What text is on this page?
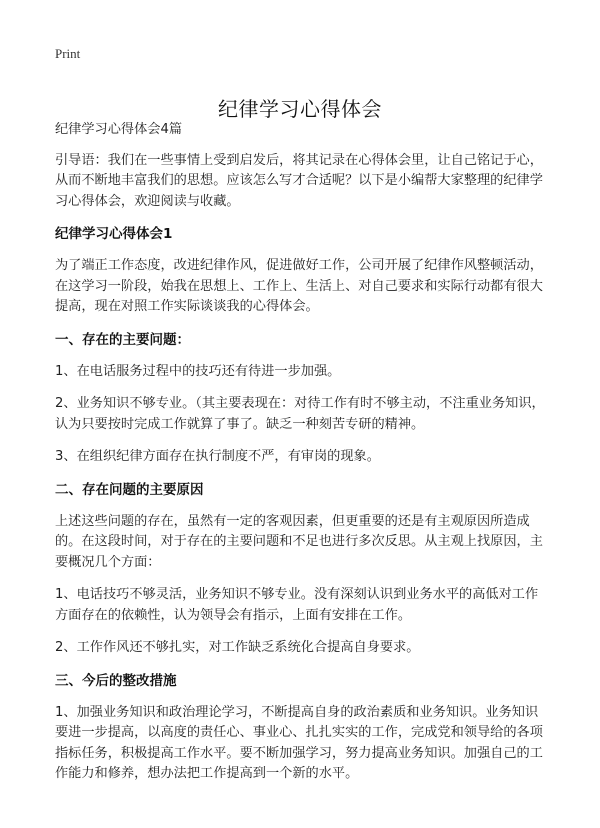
Print
纪律学习心得体会

纪律学习心得体会4篇

引导语：我们在一些事情上受到启发后，将其记录在心得体会里，让自己铭记于心，从而不断地丰富我们的思想。应该怎么写才合适呢？以下是小编帮大家整理的纪律学习心得体会，欢迎阅读与收藏。

纪律学习心得体会1

为了端正工作态度，改进纪律作风，促进做好工作，公司开展了纪律作风整顿活动，在这学习一阶段，始我在思想上、工作上、生活上、对自己要求和实际行动都有很大提高，现在对照工作实际谈谈我的心得体会。

一、存在的主要问题：

1、在电话服务过程中的技巧还有待进一步加强。

2、业务知识不够专业。（其主要表现在：对待工作有时不够主动，不注重业务知识，认为只要按时完成工作就算了事了。缺乏一种刻苦专研的精神。

3、在组织纪律方面存在执行制度不严，有审岗的现象。

二、存在问题的主要原因

上述这些问题的存在，虽然有一定的客观因素，但更重要的还是有主观原因所造成的。在这段时间，对于存在的主要问题和不足也进行多次反思。从主观上找原因，主要概况几个方面：

1、电话技巧不够灵活，业务知识不够专业。没有深刻认识到业务水平的高低对工作方面存在的依赖性，认为领导会有指示，上面有安排在工作。

2、工作作风还不够扎实，对工作缺乏系统化合提高自身要求。

三、今后的整改措施

1、加强业务知识和政治理论学习，不断提高自身的政治素质和业务知识。业务知识要进一步提高，以高度的责任心、事业心、扎扎实实的工作，完成党和领导给的各项指标任务，积极提高工作水平。要不断加强学习，努力提高业务知识。加强自己的工作能力和修养，想办法把工作提高到一个新的水平。
